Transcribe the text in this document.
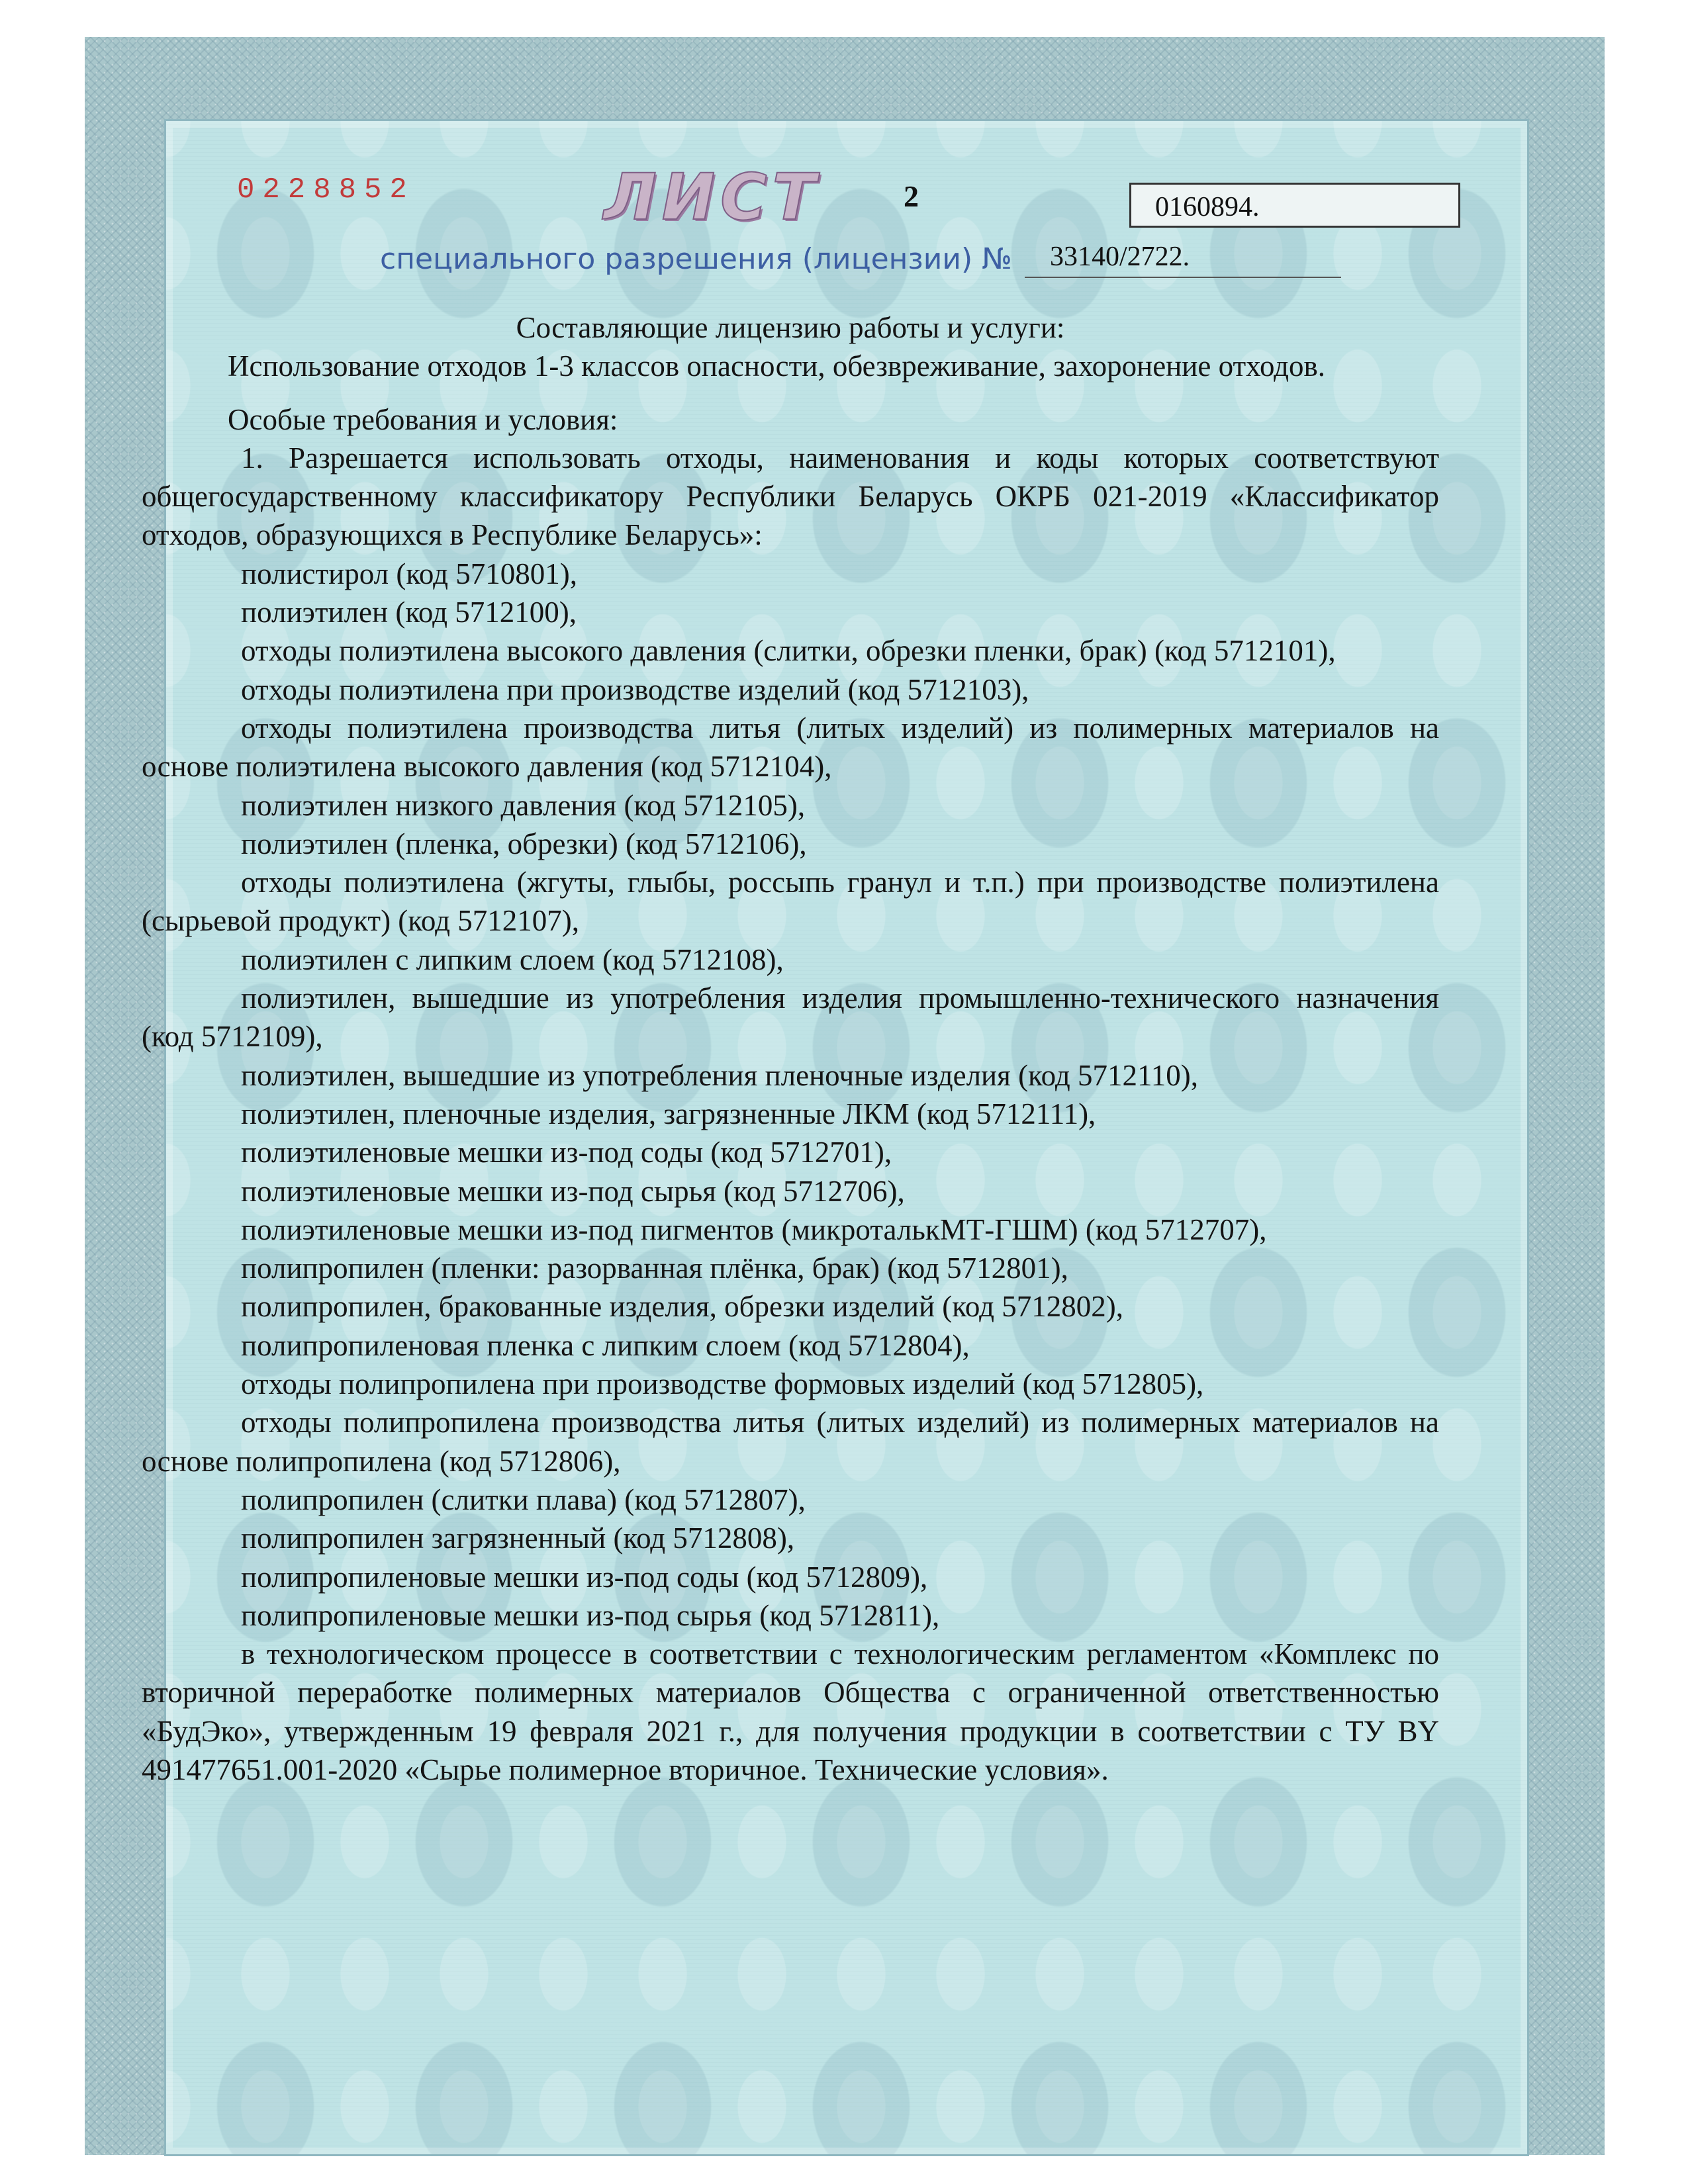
0228852	ЛИСТ	2	0160894.
специального разрешения (лицензии) №	33140/2722.

Составляющие лицензию работы и услуги:

Использование отходов 1-3 классов опасности, обезвреживание, захоронение отходов.

Особые требования и условия:

1. Разрешается использовать отходы, наименования и коды которых соответствуют общегосударственному классификатору Республики Беларусь ОКРБ 021-2019 «Классификатор отходов, образующихся в Республике Беларусь»:

полистирол (код 5710801),

полиэтилен (код 5712100),

отходы полиэтилена высокого давления (слитки, обрезки пленки, брак) (код 5712101),

отходы полиэтилена при производстве изделий (код 5712103),

отходы полиэтилена производства литья (литых изделий) из полимерных материалов на основе полиэтилена высокого давления (код 5712104),

полиэтилен низкого давления (код 5712105),

полиэтилен (пленка, обрезки) (код 5712106),

отходы полиэтилена (жгуты, глыбы, россыпь гранул и т.п.) при производстве полиэтилена (сырьевой продукт) (код 5712107),

полиэтилен с липким слоем (код 5712108),

полиэтилен, вышедшие из употребления изделия промышленно-технического назначения (код 5712109),

полиэтилен, вышедшие из употребления пленочные изделия (код 5712110),

полиэтилен, пленочные изделия, загрязненные ЛКМ (код 5712111),

полиэтиленовые мешки из-под соды (код 5712701),

полиэтиленовые мешки из-под сырья (код 5712706),

полиэтиленовые мешки из-под пигментов (микроталькМТ-ГШМ) (код 5712707),

полипропилен (пленки: разорванная плёнка, брак) (код 5712801),

полипропилен, бракованные изделия, обрезки изделий (код 5712802),

полипропиленовая пленка с липким слоем (код 5712804),

отходы полипропилена при производстве формовых изделий (код 5712805),

отходы полипропилена производства литья (литых изделий) из полимерных материалов на основе полипропилена (код 5712806),

полипропилен (слитки плава) (код 5712807),

полипропилен загрязненный (код 5712808),

полипропиленовые мешки из-под соды (код 5712809),

полипропиленовые мешки из-под сырья (код 5712811),

в технологическом процессе в соответствии с технологическим регламентом «Комплекс по вторичной переработке полимерных материалов Общества с ограниченной ответственностью «БудЭко», утвержденным 19 февраля 2021 г., для получения продукции в соответствии с ТУ BY 491477651.001-2020 «Сырье полимерное вторичное. Технические условия».
